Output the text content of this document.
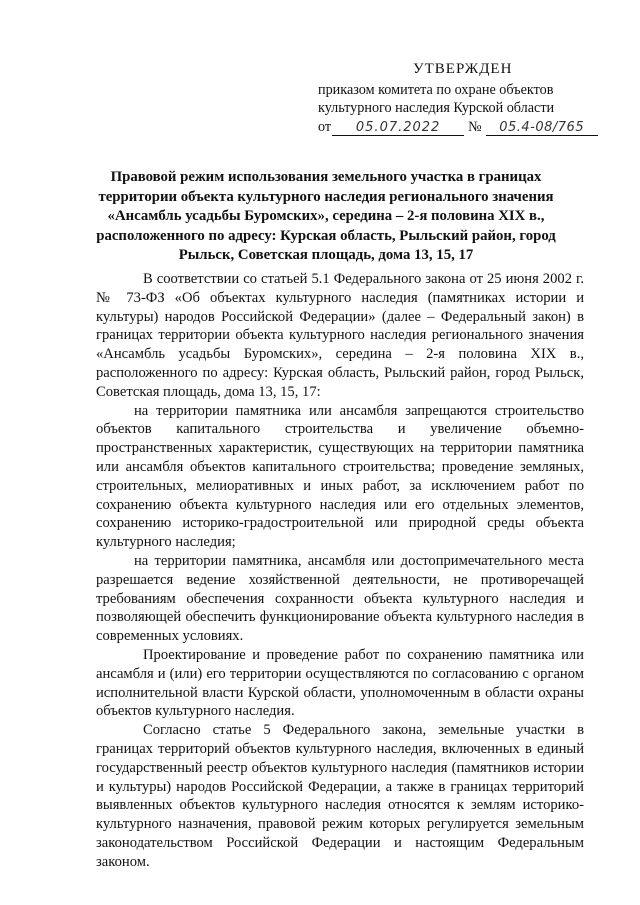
УТВЕРЖДЕН
приказом комитета по охране объектов
культурного наследия Курской области
от 05.07.2022 № 05.4-08/765
Правовой режим использования земельного участка в границах территории объекта культурного наследия регионального значения «Ансамбль усадьбы Буромских», середина – 2-я половина XIX в., расположенного по адресу: Курская область, Рыльский район, город Рыльск, Советская площадь, дома 13, 15, 17

В соответствии со статьей 5.1 Федерального закона от 25 июня 2002 г. № 73-ФЗ «Об объектах культурного наследия (памятниках истории и культуры) народов Российской Федерации» (далее – Федеральный закон) в границах территории объекта культурного наследия регионального значения «Ансамбль усадьбы Буромских», середина – 2-я половина XIX в., расположенного по адресу: Курская область, Рыльский район, город Рыльск, Советская площадь, дома 13, 15, 17:

на территории памятника или ансамбля запрещаются строительство объектов капитального строительства и увеличение объемно-пространственных характеристик, существующих на территории памятника или ансамбля объектов капитального строительства; проведение земляных, строительных, мелиоративных и иных работ, за исключением работ по сохранению объекта культурного наследия или его отдельных элементов, сохранению историко-градостроительной или природной среды объекта культурного наследия;

на территории памятника, ансамбля или достопримечательного места разрешается ведение хозяйственной деятельности, не противоречащей требованиям обеспечения сохранности объекта культурного наследия и позволяющей обеспечить функционирование объекта культурного наследия в современных условиях.

Проектирование и проведение работ по сохранению памятника или ансамбля и (или) его территории осуществляются по согласованию с органом исполнительной власти Курской области, уполномоченным в области охраны объектов культурного наследия.

Согласно статье 5 Федерального закона, земельные участки в границах территорий объектов культурного наследия, включенных в единый государственный реестр объектов культурного наследия (памятников истории и культуры) народов Российской Федерации, а также в границах территорий выявленных объектов культурного наследия относятся к землям историко-культурного назначения, правовой режим которых регулируется земельным законодательством Российской Федерации и настоящим Федеральным законом.
